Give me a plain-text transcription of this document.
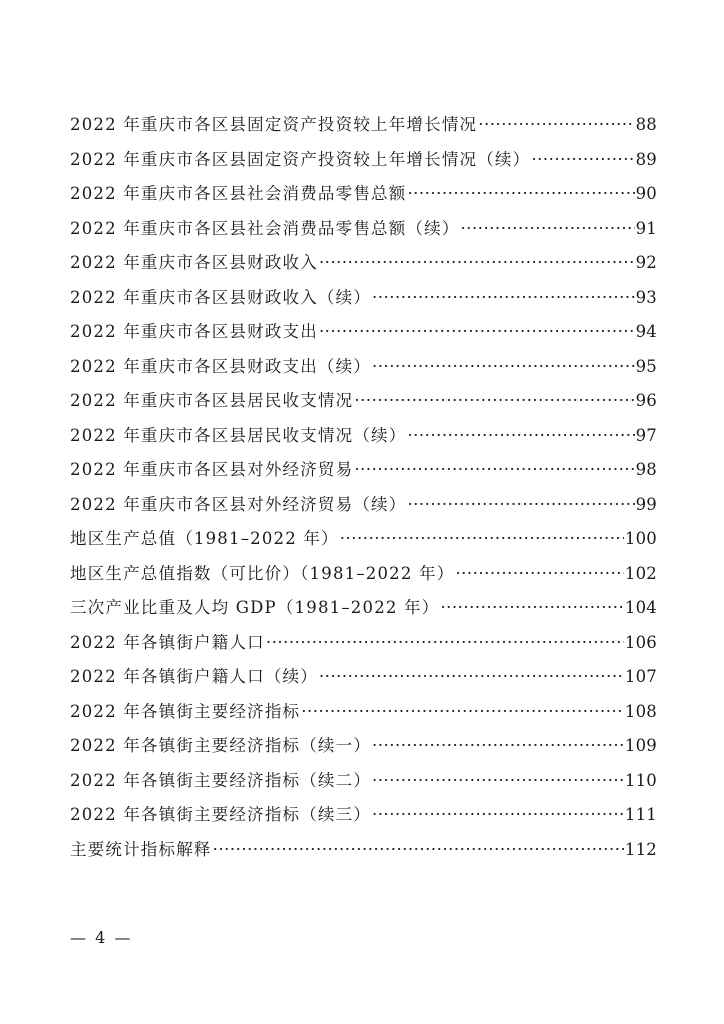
2022 年重庆市各区县固定资产投资较上年增长情况 ·····	88
2022 年重庆市各区县固定资产投资较上年增长情况（续） ·····	89
2022 年重庆市各区县社会消费品零售总额 ·····	90
2022 年重庆市各区县社会消费品零售总额（续） ·····	91
2022 年重庆市各区县财政收入 ·····	92
2022 年重庆市各区县财政收入（续） ·····	93
2022 年重庆市各区县财政支出 ·····	94
2022 年重庆市各区县财政支出（续） ·····	95
2022 年重庆市各区县居民收支情况 ·····	96
2022 年重庆市各区县居民收支情况（续） ·····	97
2022 年重庆市各区县对外经济贸易 ·····	98
2022 年重庆市各区县对外经济贸易（续） ·····	99
地区生产总值（1981–2022 年） ·····	100
地区生产总值指数（可比价）（1981–2022 年） ·····	102
三次产业比重及人均 GDP（1981–2022 年） ·····	104
2022 年各镇街户籍人口 ·····	106
2022 年各镇街户籍人口（续） ·····	107
2022 年各镇街主要经济指标 ·····	108
2022 年各镇街主要经济指标（续一） ·····	109
2022 年各镇街主要经济指标（续二） ·····	110
2022 年各镇街主要经济指标（续三） ·····	111
主要统计指标解释 ·····	112
— 4 —
